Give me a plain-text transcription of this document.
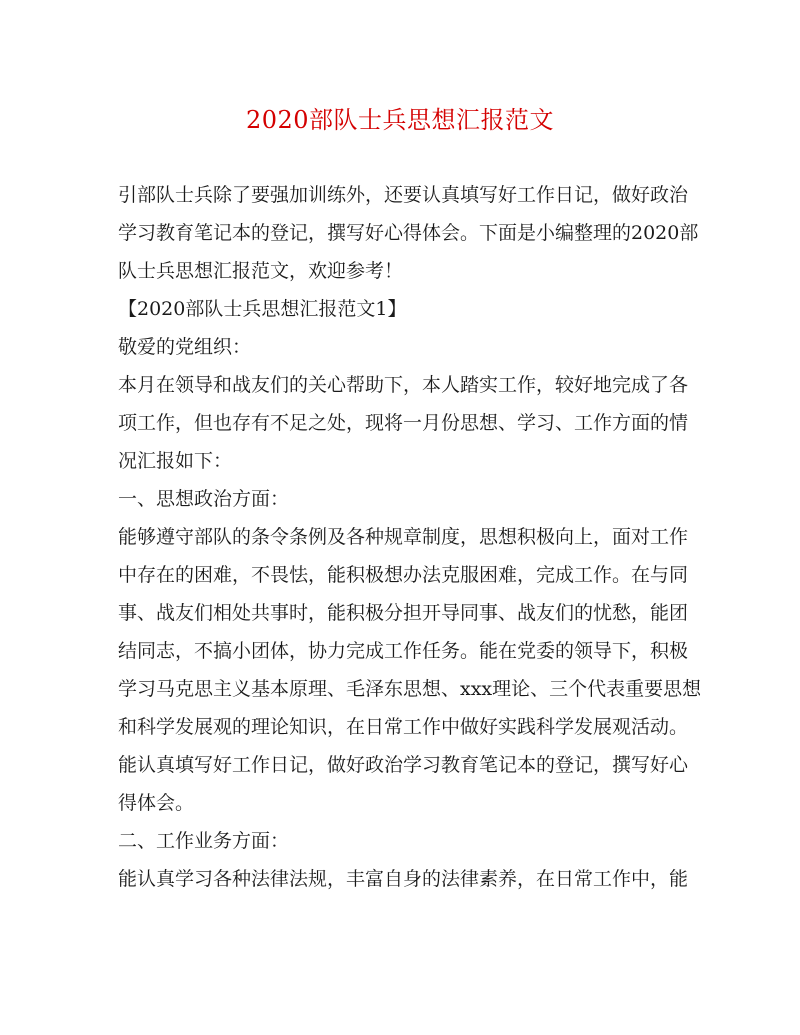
2020部队士兵思想汇报范文

引部队士兵除了要强加训练外，还要认真填写好工作日记，做好政治
学习教育笔记本的登记，撰写好心得体会。下面是小编整理的2020部
队士兵思想汇报范文，欢迎参考！

【2020部队士兵思想汇报范文1】

敬爱的党组织：

本月在领导和战友们的关心帮助下，本人踏实工作，较好地完成了各
项工作，但也存有不足之处，现将一月份思想、学习、工作方面的情
况汇报如下：

一、思想政治方面：

能够遵守部队的条令条例及各种规章制度，思想积极向上，面对工作
中存在的困难，不畏怯，能积极想办法克服困难，完成工作。在与同
事、战友们相处共事时，能积极分担开导同事、战友们的忧愁，能团
结同志，不搞小团体，协力完成工作任务。能在党委的领导下，积极
学习马克思主义基本原理、毛泽东思想、xxx理论、三个代表重要思想
和科学发展观的理论知识，在日常工作中做好实践科学发展观活动。
能认真填写好工作日记，做好政治学习教育笔记本的登记，撰写好心
得体会。

二、工作业务方面：

能认真学习各种法律法规，丰富自身的法律素养，在日常工作中，能
